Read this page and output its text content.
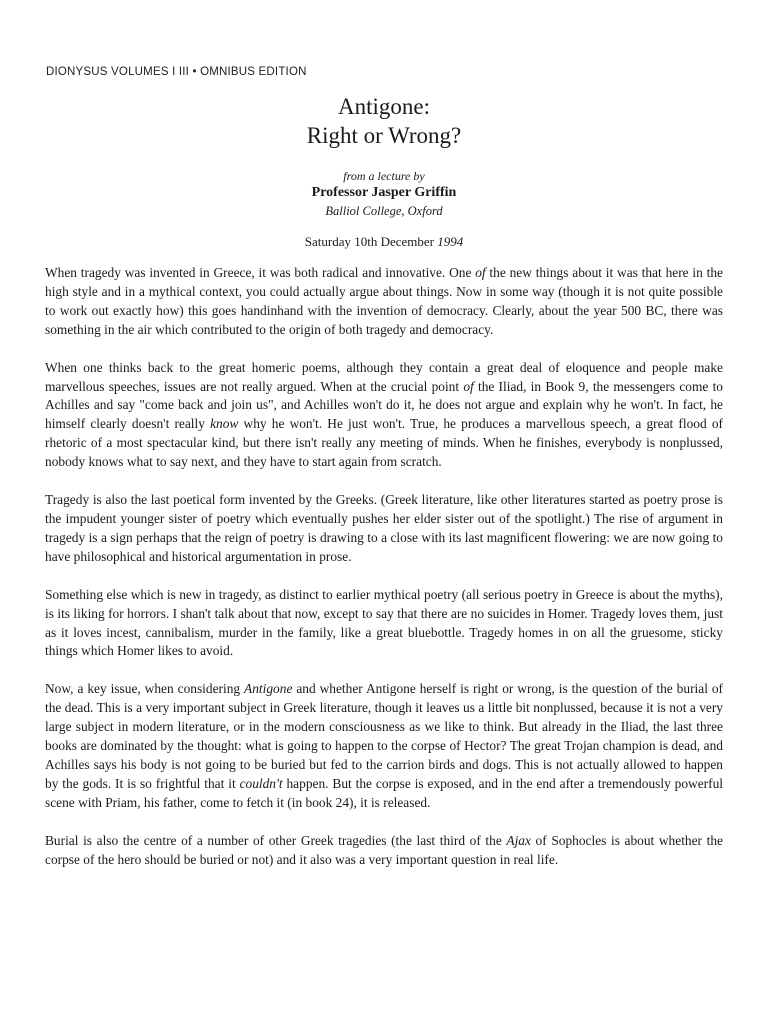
DIONYSUS VOLUMES I III • OMNIBUS EDITION
Antigone:
Right or Wrong?
from a lecture by
Professor Jasper Griffin
Balliol College, Oxford
Saturday 10th December 1994

When tragedy was invented in Greece, it was both radical and innovative. One of the new things about it was that here in the high style and in a mythical context, you could actually argue about things. Now in some way (though it is not quite possible to work out exactly how) this goes handinhand with the invention of democracy. Clearly, about the year 500 BC, there was something in the air which contributed to the origin of both tragedy and democracy.

When one thinks back to the great homeric poems, although they contain a great deal of eloquence and people make marvellous speeches, issues are not really argued. When at the crucial point of the Iliad, in Book 9, the messengers come to Achilles and say "come back and join us", and Achilles won't do it, he does not argue and explain why he won't. In fact, he himself clearly doesn't really know why he won't. He just won't. True, he produces a marvellous speech, a great flood of rhetoric of a most spectacular kind, but there isn't really any meeting of minds. When he finishes, everybody is nonplussed, nobody knows what to say next, and they have to start again from scratch.

Tragedy is also the last poetical form invented by the Greeks. (Greek literature, like other literatures started as poetry prose is the impudent younger sister of poetry which eventually pushes her elder sister out of the spotlight.) The rise of argument in tragedy is a sign perhaps that the reign of poetry is drawing to a close with its last magnificent flowering: we are now going to have philosophical and historical argumentation in prose.

Something else which is new in tragedy, as distinct to earlier mythical poetry (all serious poetry in Greece is about the myths), is its liking for horrors. I shan't talk about that now, except to say that there are no suicides in Homer. Tragedy loves them, just as it loves incest, cannibalism, murder in the family, like a great bluebottle. Tragedy homes in on all the gruesome, sticky things which Homer likes to avoid.

Now, a key issue, when considering Antigone and whether Antigone herself is right or wrong, is the question of the burial of the dead. This is a very important subject in Greek literature, though it leaves us a little bit nonplussed, because it is not a very large subject in modern literature, or in the modern consciousness as we like to think. But already in the Iliad, the last three books are dominated by the thought: what is going to happen to the corpse of Hector? The great Trojan champion is dead, and Achilles says his body is not going to be buried but fed to the carrion birds and dogs. This is not actually allowed to happen by the gods. It is so frightful that it couldn't happen. But the corpse is exposed, and in the end after a tremendously powerful scene with Priam, his father, come to fetch it (in book 24), it is released.

Burial is also the centre of a number of other Greek tragedies (the last third of the Ajax of Sophocles is about whether the corpse of the hero should be buried or not) and it also was a very important question in real life.
